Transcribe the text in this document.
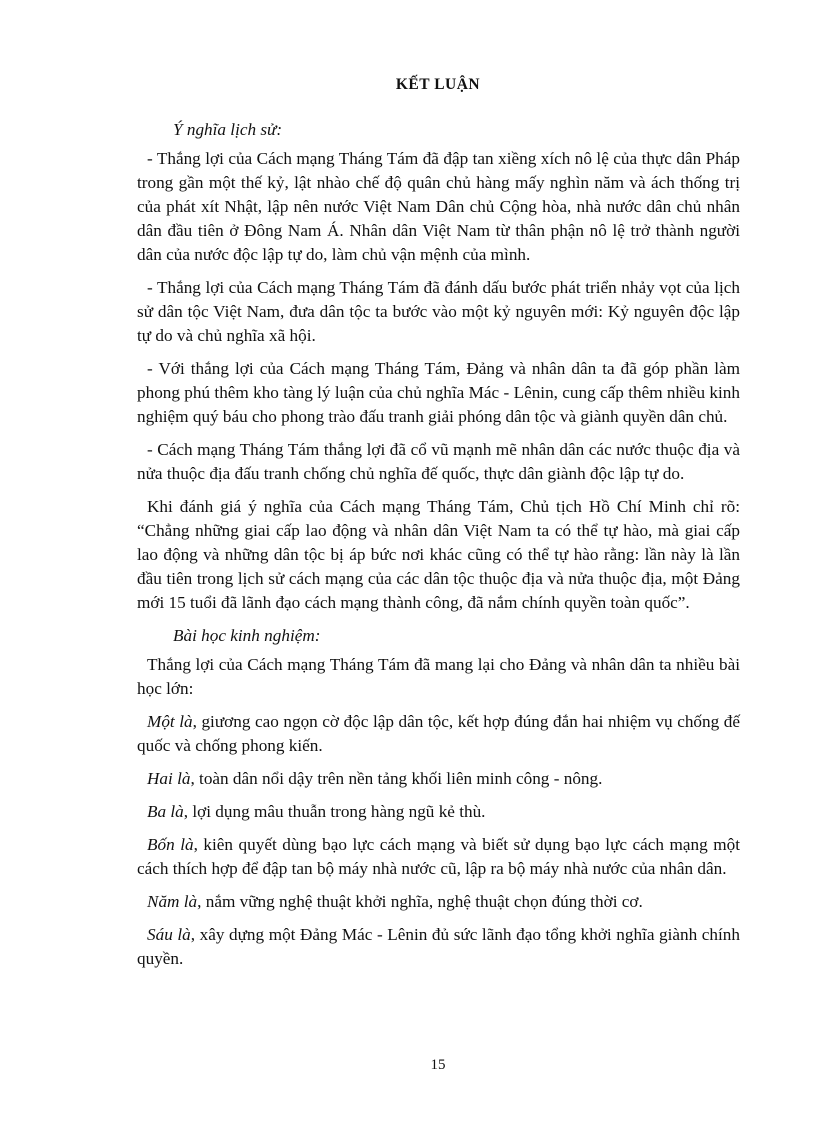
KẾT LUẬN

Ý nghĩa lịch sử:

- Thắng lợi của Cách mạng Tháng Tám đã đập tan xiềng xích nô lệ của thực dân Pháp trong gần một thế kỷ, lật nhào chế độ quân chủ hàng mấy nghìn năm và ách thống trị của phát xít Nhật, lập nên nước Việt Nam Dân chủ Cộng hòa, nhà nước dân chủ nhân dân đầu tiên ở Đông Nam Á. Nhân dân Việt Nam từ thân phận nô lệ trở thành người dân của nước độc lập tự do, làm chủ vận mệnh của mình.

- Thắng lợi của Cách mạng Tháng Tám đã đánh dấu bước phát triển nhảy vọt của lịch sử dân tộc Việt Nam, đưa dân tộc ta bước vào một kỷ nguyên mới: Kỷ nguyên độc lập tự do và chủ nghĩa xã hội.

- Với thắng lợi của Cách mạng Tháng Tám, Đảng và nhân dân ta đã góp phần làm phong phú thêm kho tàng lý luận của chủ nghĩa Mác - Lênin, cung cấp thêm nhiều kinh nghiệm quý báu cho phong trào đấu tranh giải phóng dân tộc và giành quyền dân chủ.

- Cách mạng Tháng Tám thắng lợi đã cổ vũ mạnh mẽ nhân dân các nước thuộc địa và nửa thuộc địa đấu tranh chống chủ nghĩa đế quốc, thực dân giành độc lập tự do.

Khi đánh giá ý nghĩa của Cách mạng Tháng Tám, Chủ tịch Hồ Chí Minh chỉ rõ: “Chẳng những giai cấp lao động và nhân dân Việt Nam ta có thể tự hào, mà giai cấp lao động và những dân tộc bị áp bức nơi khác cũng có thể tự hào rằng: lần này là lần đầu tiên trong lịch sử cách mạng của các dân tộc thuộc địa và nửa thuộc địa, một Đảng mới 15 tuổi đã lãnh đạo cách mạng thành công, đã nắm chính quyền toàn quốc”.

Bài học kinh nghiệm:

Thắng lợi của Cách mạng Tháng Tám đã mang lại cho Đảng và nhân dân ta nhiều bài học lớn:

Một là, giương cao ngọn cờ độc lập dân tộc, kết hợp đúng đắn hai nhiệm vụ chống đế quốc và chống phong kiến.

Hai là, toàn dân nổi dậy trên nền tảng khối liên minh công - nông.

Ba là, lợi dụng mâu thuẫn trong hàng ngũ kẻ thù.

Bốn là, kiên quyết dùng bạo lực cách mạng và biết sử dụng bạo lực cách mạng một cách thích hợp để đập tan bộ máy nhà nước cũ, lập ra bộ máy nhà nước của nhân dân.

Năm là, nắm vững nghệ thuật khởi nghĩa, nghệ thuật chọn đúng thời cơ.

Sáu là, xây dựng một Đảng Mác - Lênin đủ sức lãnh đạo tổng khởi nghĩa giành chính quyền.

15
